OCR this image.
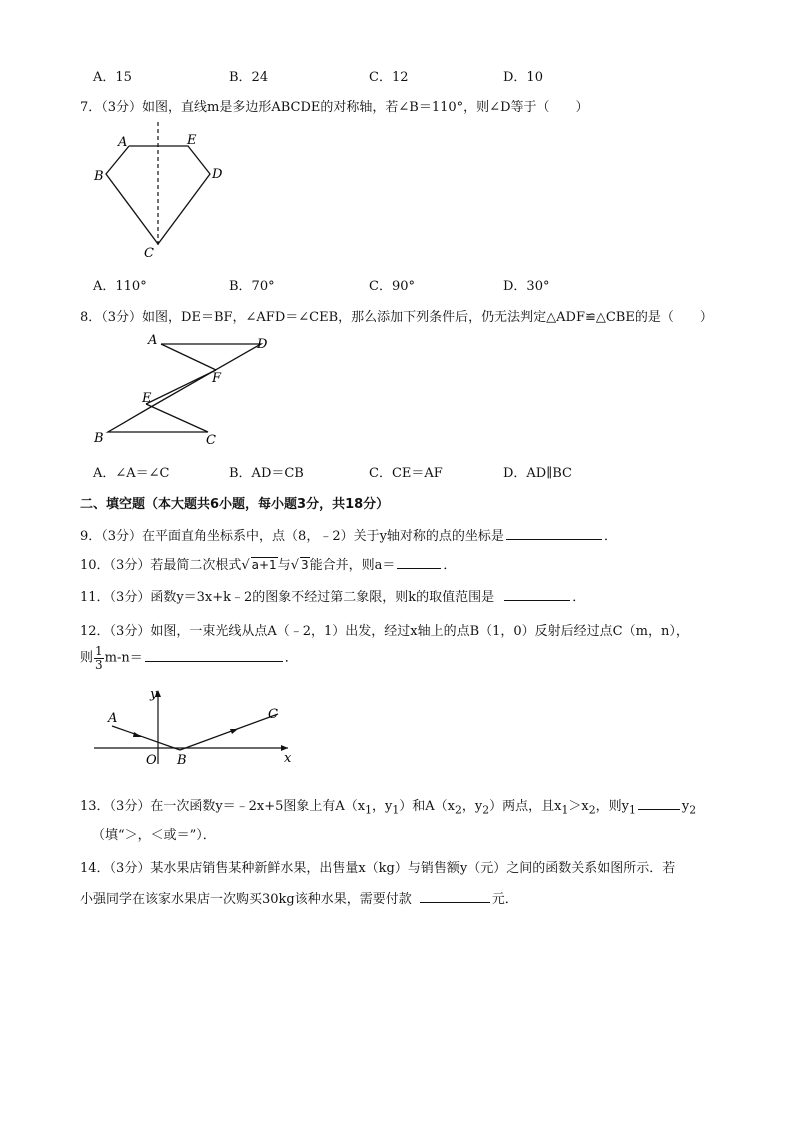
A．15	B．24	C．12	D．10
7．（3分）如图，直线m是多边形ABCDE的对称轴，若∠B＝110°，则∠D等于（　　）
A	E
B	D
C
A．110°	B．70°	C．90°	D．30°
8．（3分）如图，DE＝BF，∠AFD＝∠CEB，那么添加下列条件后，仍无法判定△ADF≌△CBE的是（　　）
A	D
F
E
B	C
A．∠A＝∠C	B．AD＝CB	C．CE＝AF	D．AD∥BC
二、填空题（本大题共6小题，每小题3分，共18分）
9．（3分）在平面直角坐标系中，点（8，﹣2）关于y轴对称的点的坐标是	．
10．（3分）若最简二次根式√ a+1与√ 3能合并，则a＝	．
11．（3分）函数y＝3x+k﹣2的图象不经过第二象限，则k的取值范围是	．
12．（3分）如图，一束光线从点A（﹣2，1）出发，经过x轴上的点B（1，0）反射后经过点C（m，n），
则 $\frac{1}{3} m-n=$	．
y
x
O
A
B
C
13．（3分）在一次函数y＝﹣2x+5图象上有$A(x_1$，$y_1$）和$A(x_2$，$y_2$）两点，且$x_1>x_2$，则$y_1$	$y_2$
（填“＞，＜或＝”）．
14．（3分）某水果店销售某种新鲜水果，出售量x（kg）与销售额y（元）之间的函数关系如图所示．若
小强同学在该家水果店一次购买30kg该种水果，需要付款	元．
